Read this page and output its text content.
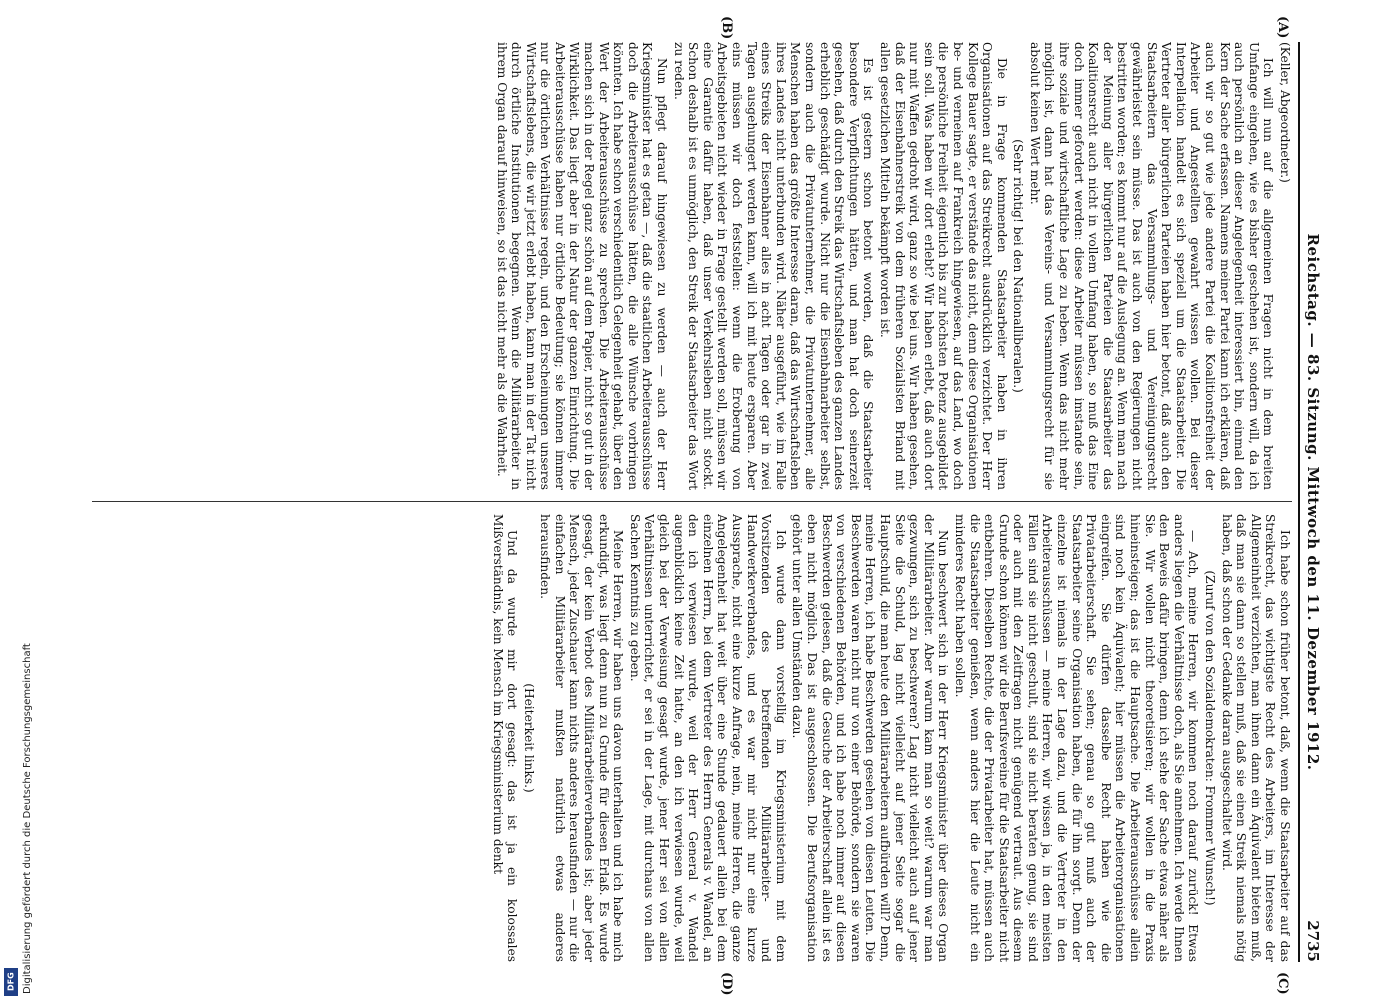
Reichstag. — 83. Sitzung. Mittwoch den 11. Dezember 1912.
2735
(A)
(B)
(C)
(D)

(Keller, Abgeordneter.)

Ich will nun auf die allgemeinen Fragen nicht in dem breiten Umfange eingehen, wie es bisher geschehen ist, sondern will, da ich auch persönlich an dieser Angelegenheit interessiert bin, einmal den Kern der Sache erfassen. Namens meiner Partei kann ich erklären, daß auch wir so gut wie jede andere Partei die Koalitionsfreiheit der Arbeiter und Angestellten gewahrt wissen wollen. Bei dieser Interpellation handelt es sich speziell um die Staatsarbeiter. Die Vertreter aller bürgerlichen Parteien haben hier betont, daß auch den Staatsarbeitern das Versammlungs- und Vereinigungsrecht gewährleistet sein müsse. Das ist auch von den Regierungen nicht bestritten worden; es kommt nur auf die Auslegung an. Wenn man nach der Meinung aller bürgerlichen Parteien die Staatsarbeiter das Koalitionsrecht auch nicht in vollem Umfang haben, so muß das Eine doch immer gefordert werden: diese Arbeiter müssen imstande sein, ihre soziale und wirtschaftliche Lage zu heben. Wenn das nicht mehr möglich ist, dann hat das Vereins- und Versammlungsrecht für sie absolut keinen Wert mehr.

(Sehr richtig! bei den Nationalliberalen.)

Die in Frage kommenden Staatsarbeiter haben in ihren Organisationen auf das Streikrecht ausdrücklich verzichtet. Der Herr Kollege Bauer sagte, er verstände das nicht, denn diese Organisationen be- und verneinen auf Frankreich hingewiesen, auf das Land, wo doch die persönliche Freiheit eigentlich bis zur höchsten Potenz ausgebildet sein soll. Was haben wir dort erlebt? Wir haben erlebt, daß auch dort nur mit Waffen gedroht wird, ganz so wie bei uns. Wir haben gesehen, daß der Eisenbahnerstreik von dem früheren Sozialisten Briand mit allen gesetzlichen Mitteln bekämpft worden ist.

Es ist gestern schon betont worden, daß die Staatsarbeiter besondere Verpflichtungen hätten, und man hat doch seinerzeit gesehen, daß durch den Streik das Wirtschaftsleben des ganzen Landes erheblich geschädigt wurde. Nicht nur die Eisenbahnarbeiter selbst, sondern auch die Privatunternehmer, die Privatunternehmer, alle Menschen haben das größte Interesse daran, daß das Wirtschaftsleben ihres Landes nicht unterbunden wird. Näher ausgeführt, wie im Falle eines Streiks der Eisenbahner alles in acht Tagen oder gar in zwei Tagen ausgehungert werden kann, will ich mit heute ersparen. Aber eins müssen wir doch feststellen: wenn die Eroberung von Arbeitsgebieten nicht wieder in Frage gestellt werden soll, müssen wir eine Garantie dafür haben, daß unser Verkehrsleben nicht stockt. Schon deshalb ist es unmöglich, den Streik der Staatsarbeiter das Wort zu reden.

Nun pflegt darauf hingewiesen zu werden — auch der Herr Kriegsminister hat es getan —, daß die staatlichen Arbeiterausschüsse doch die Arbeiterausschüsse hätten, die alle Wünsche vorbringen könnten. Ich habe schon verschiedentlich Gelegenheit gehabt, über den Wert der Arbeiterausschüsse zu sprechen. Die Arbeiterausschüsse machen sich in der Regel ganz schön auf dem Papier, nicht so gut in der Wirklichkeit. Das liegt aber in der Natur der ganzen Einrichtung. Die Arbeiterausschüsse haben nur örtliche Bedeutung; sie können immer nur die örtlichen Verhältnisse regeln, und den Erscheinungen unseres Wirtschaftslebens, die wir jetzt erlebt haben, kann man in der Tat nicht durch örtliche Institutionen begegnen. Wenn die Militärarbeiter in ihrem Organ darauf hinweisen, so ist das nicht mehr als die Wahrheit.

Ich habe schon früher betont, daß, wenn die Staatsarbeiter auf das Streikrecht, das wichtigste Recht des Arbeiters, im Interesse der Allgemeinheit verzichten, man ihnen dann ein Äquivalent bieten muß, daß man sie dann so stellen muß, daß sie einen Streik niemals nötig haben, daß schon der Gedanke daran ausgeschaltet wird.

(Zuruf von den Sozialdemokraten: Frommer Wunsch!)

— Ach, meine Herren, wir kommen noch darauf zurück! Etwas anders liegen die Verhältnisse doch, als Sie annehmen. Ich werde Ihnen den Beweis dafür bringen, denn ich stehe der Sache etwas näher als Sie. Wir wollen nicht theoretisieren; wir wollen in die Praxis hineinsteigen; das ist die Hauptsache. Die Arbeiterausschüsse allein sind noch kein Äquivalent; hier müssen die Arbeiterorganisationen eingreifen. Sie dürfen dasselbe Recht haben wie die Privatarbeiterschaft. Sie sehen; genau so gut muß auch der Staatsarbeiter seine Organisation haben, die für ihn sorgt. Denn der einzelne ist niemals in der Lage dazu, und die Vertreter in den Arbeiterausschüssen — meine Herren, wir wissen ja, in den meisten Fällen sind sie nicht geschult, sind sie nicht beraten genug, sie sind oder auch mit den Zeitfragen nicht genügend vertraut. Aus diesem Grunde schon können wir die Berufsvereine für die Staatsarbeiter nicht entbehren. Dieselben Rechte, die der Privatarbeiter hat, müssen auch die Staatsarbeiter genießen, wenn anders hier die Leute nicht ein minderes Recht haben sollen.

Nun beschwert sich in der Herr Kriegsminister über dieses Organ der Militärarbeiter. Aber warum kam man so weit? warum war man gezwungen, sich zu beschweren? Lag nicht vielleicht auch auf jener Seite die Schuld, lag nicht vielleicht auf jener Seite sogar die Hauptschuld, die man heute den Militärarbeitern aufbürden will? Denn, meine Herren, ich habe Beschwerden gesehen von diesen Leuten. Die Beschwerden waren nicht nur von einer Behörde, sondern sie waren von verschiedenen Behörden, und ich habe noch immer auf diesen Beschwerden gelesen, daß die Gesuche der Arbeiterschaft allein ist es eben nicht möglich. Das ist ausgeschlossen. Die Berufsorganisation gehört unter allen Umständen dazu.

Ich wurde dann vorstellig im Kriegsministerium mit dem Vorsitzenden des betreffenden Militärarbeiter- und Handwerkerverbandes, und es war mir nicht nur eine kurze Aussprache, nicht eine kurze Anfrage, nein, meine Herren, die ganze Angelegenheit hat weit über eine Stunde gedauert allein bei dem einzelnen Herrn, bei dem Vertreter des Herrn Generals v. Wandel, an den ich verwiesen wurde, weil der Herr General v. Wandel augenblicklich keine Zeit hatte, an den ich verwiesen wurde, weil gleich bei der Verweisung gesagt wurde, jener Herr sei von allen Verhältnissen unterrichtet, er sei in der Lage, mit durchaus von allen Sachen Kenntnis zu geben.

Meine Herren, wir haben uns davon unterhalten und ich habe mich erkundigt, was liegt denn nun zu Grunde für diesen Erlaß. Es wurde gesagt, der kein Verbot des Militärarbeiterverbandes ist; aber jeder Mensch, jeder Zuschauer kann nichts anderes herausfinden — nur die einfachen Militärarbeiter mußten natürlich etwas anderes herausfinden.

(Heiterkeit links.)

Und da wurde mir dort gesagt: das ist ja ein kolossales Mißverständnis, kein Mensch im Kriegsministerium denkt

Digitalisierung gefördert durch die Deutsche Forschungsgemeinschaft
DFG
